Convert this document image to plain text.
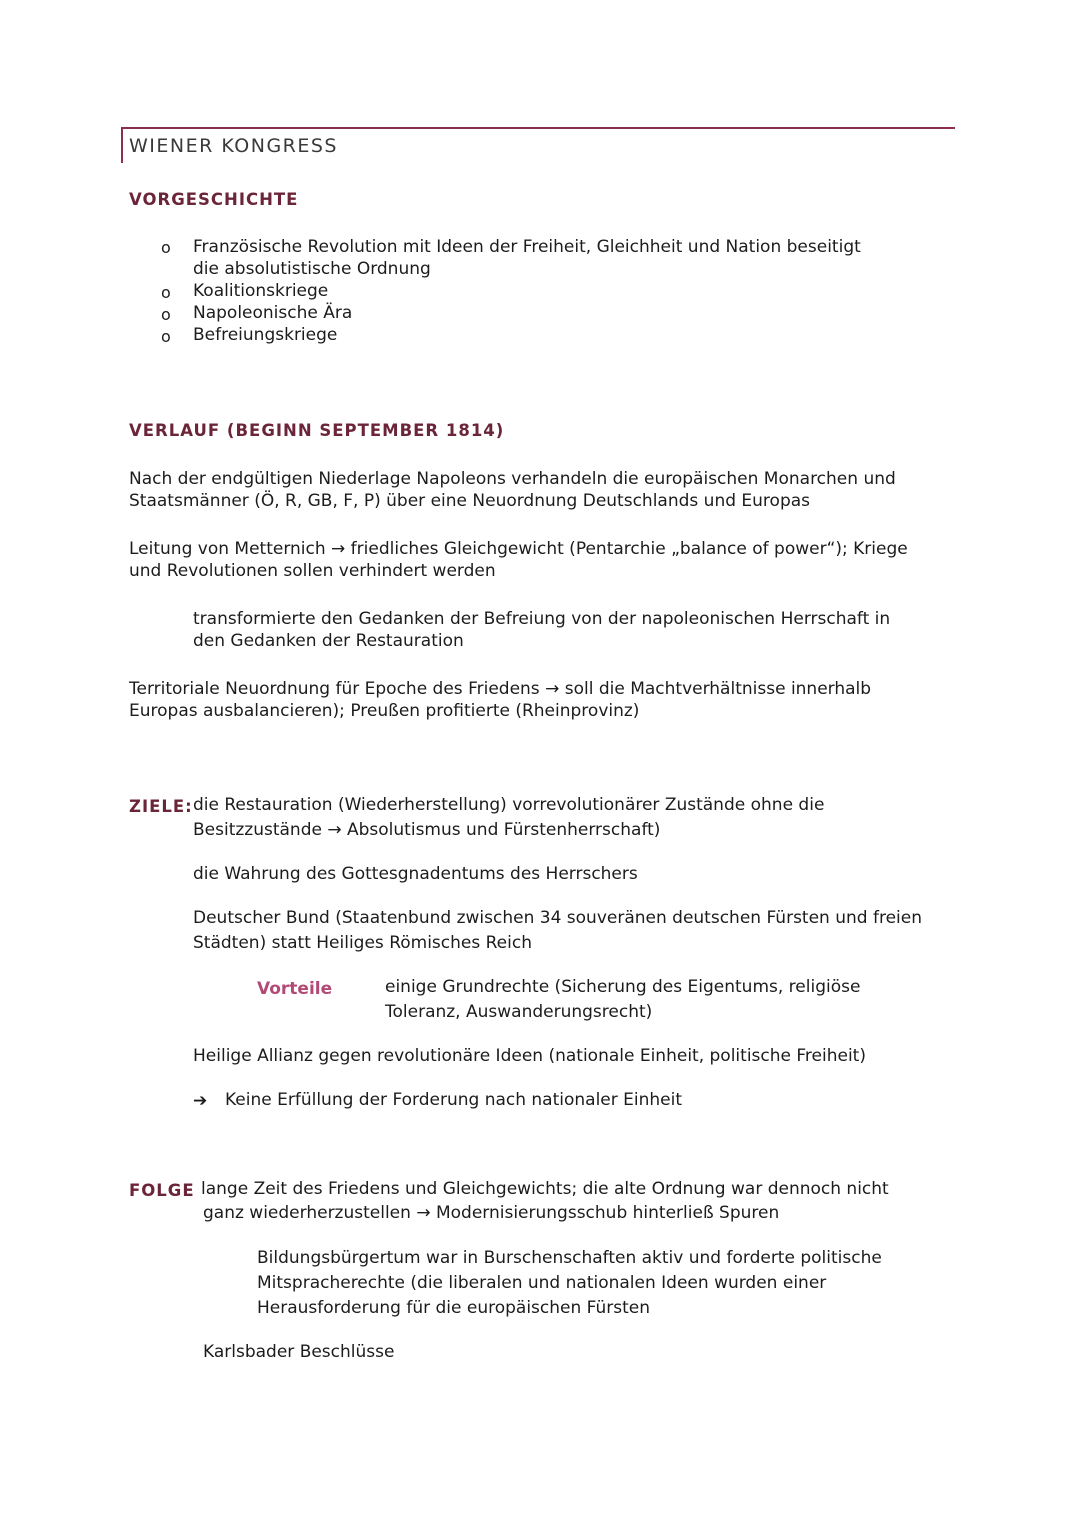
WIENER KONGRESS
VORGESCHICHTE
o Französische Revolution mit Ideen der Freiheit, Gleichheit und Nation beseitigt
die absolutistische Ordnung
o Koalitionskriege
o Napoleonische Ära
o Befreiungskriege
VERLAUF (BEGINN SEPTEMBER 1814)
Nach der endgültigen Niederlage Napoleons verhandeln die europäischen Monarchen und
Staatsmänner (Ö, R, GB, F, P) über eine Neuordnung Deutschlands und Europas
Leitung von Metternich → friedliches Gleichgewicht (Pentarchie „balance of power“); Kriege
und Revolutionen sollen verhindert werden
transformierte den Gedanken der Befreiung von der napoleonischen Herrschaft in
den Gedanken der Restauration
Territoriale Neuordnung für Epoche des Friedens → soll die Machtverhältnisse innerhalb
Europas ausbalancieren); Preußen profitierte (Rheinprovinz)
ZIELE: die Restauration (Wiederherstellung) vorrevolutionärer Zustände ohne die
Besitzzustände → Absolutismus und Fürstenherrschaft)
die Wahrung des Gottesgnadentums des Herrschers
Deutscher Bund (Staatenbund zwischen 34 souveränen deutschen Fürsten und freien
Städten) statt Heiliges Römisches Reich
Vorteile	einige Grundrechte (Sicherung des Eigentums, religiöse
Toleranz, Auswanderungsrecht)
Heilige Allianz gegen revolutionäre Ideen (nationale Einheit, politische Freiheit)
➔ Keine Erfüllung der Forderung nach nationaler Einheit
FOLGE lange Zeit des Friedens und Gleichgewichts; die alte Ordnung war dennoch nicht
ganz wiederherzustellen → Modernisierungsschub hinterließ Spuren
Bildungsbürgertum war in Burschenschaften aktiv und forderte politische
Mitspracherechte (die liberalen und nationalen Ideen wurden einer
Herausforderung für die europäischen Fürsten
Karlsbader Beschlüsse
